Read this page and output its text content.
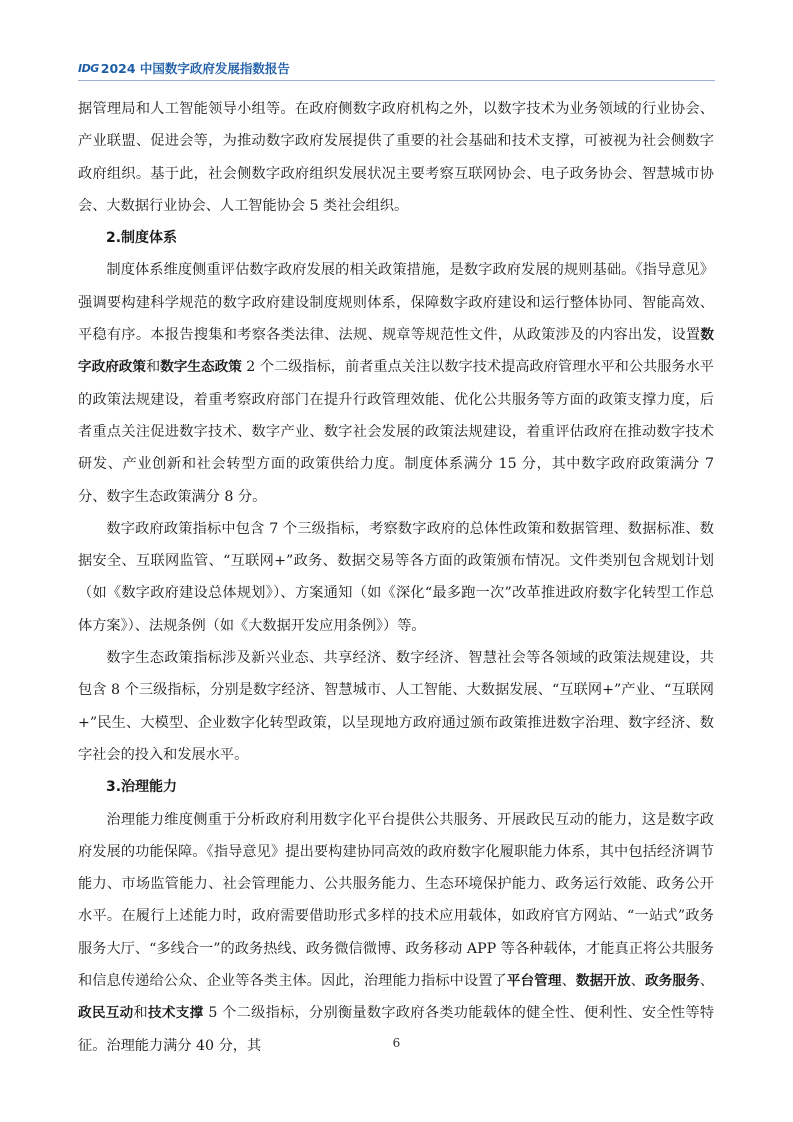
IDG 2024 中国数字政府发展指数报告

据管理局和人工智能领导小组等。在政府侧数字政府机构之外，以数字技术为业务领域的行业协会、产业联盟、促进会等，为推动数字政府发展提供了重要的社会基础和技术支撑，可被视为社会侧数字政府组织。基于此，社会侧数字政府组织发展状况主要考察互联网协会、电子政务协会、智慧城市协会、大数据行业协会、人工智能协会 5 类社会组织。

2.制度体系

制度体系维度侧重评估数字政府发展的相关政策措施，是数字政府发展的规则基础。《指导意见》强调要构建科学规范的数字政府建设制度规则体系，保障数字政府建设和运行整体协同、智能高效、平稳有序。本报告搜集和考察各类法律、法规、规章等规范性文件，从政策涉及的内容出发，设置数字政府政策和数字生态政策 2 个二级指标，前者重点关注以数字技术提高政府管理水平和公共服务水平的政策法规建设，着重考察政府部门在提升行政管理效能、优化公共服务等方面的政策支撑力度，后者重点关注促进数字技术、数字产业、数字社会发展的政策法规建设，着重评估政府在推动数字技术研发、产业创新和社会转型方面的政策供给力度。制度体系满分 15 分，其中数字政府政策满分 7 分、数字生态政策满分 8 分。

数字政府政策指标中包含 7 个三级指标，考察数字政府的总体性政策和数据管理、数据标准、数据安全、互联网监管、“互联网+”政务、数据交易等各方面的政策颁布情况。文件类别包含规划计划（如《数字政府建设总体规划》）、方案通知（如《深化“最多跑一次”改革推进政府数字化转型工作总体方案》）、法规条例（如《大数据开发应用条例》）等。

数字生态政策指标涉及新兴业态、共享经济、数字经济、智慧社会等各领域的政策法规建设，共包含 8 个三级指标，分别是数字经济、智慧城市、人工智能、大数据发展、“互联网+”产业、“互联网+”民生、大模型、企业数字化转型政策，以呈现地方政府通过颁布政策推进数字治理、数字经济、数字社会的投入和发展水平。

3.治理能力

治理能力维度侧重于分析政府利用数字化平台提供公共服务、开展政民互动的能力，这是数字政府发展的功能保障。《指导意见》提出要构建协同高效的政府数字化履职能力体系，其中包括经济调节能力、市场监管能力、社会管理能力、公共服务能力、生态环境保护能力、政务运行效能、政务公开水平。在履行上述能力时，政府需要借助形式多样的技术应用载体，如政府官方网站、“一站式”政务服务大厅、“多线合一”的政务热线、政务微信微博、政务移动 APP 等各种载体，才能真正将公共服务和信息传递给公众、企业等各类主体。因此，治理能力指标中设置了平台管理、数据开放、政务服务、政民互动和技术支撑 5 个二级指标，分别衡量数字政府各类功能载体的健全性、便利性、安全性等特征。治理能力满分 40 分，其	6
